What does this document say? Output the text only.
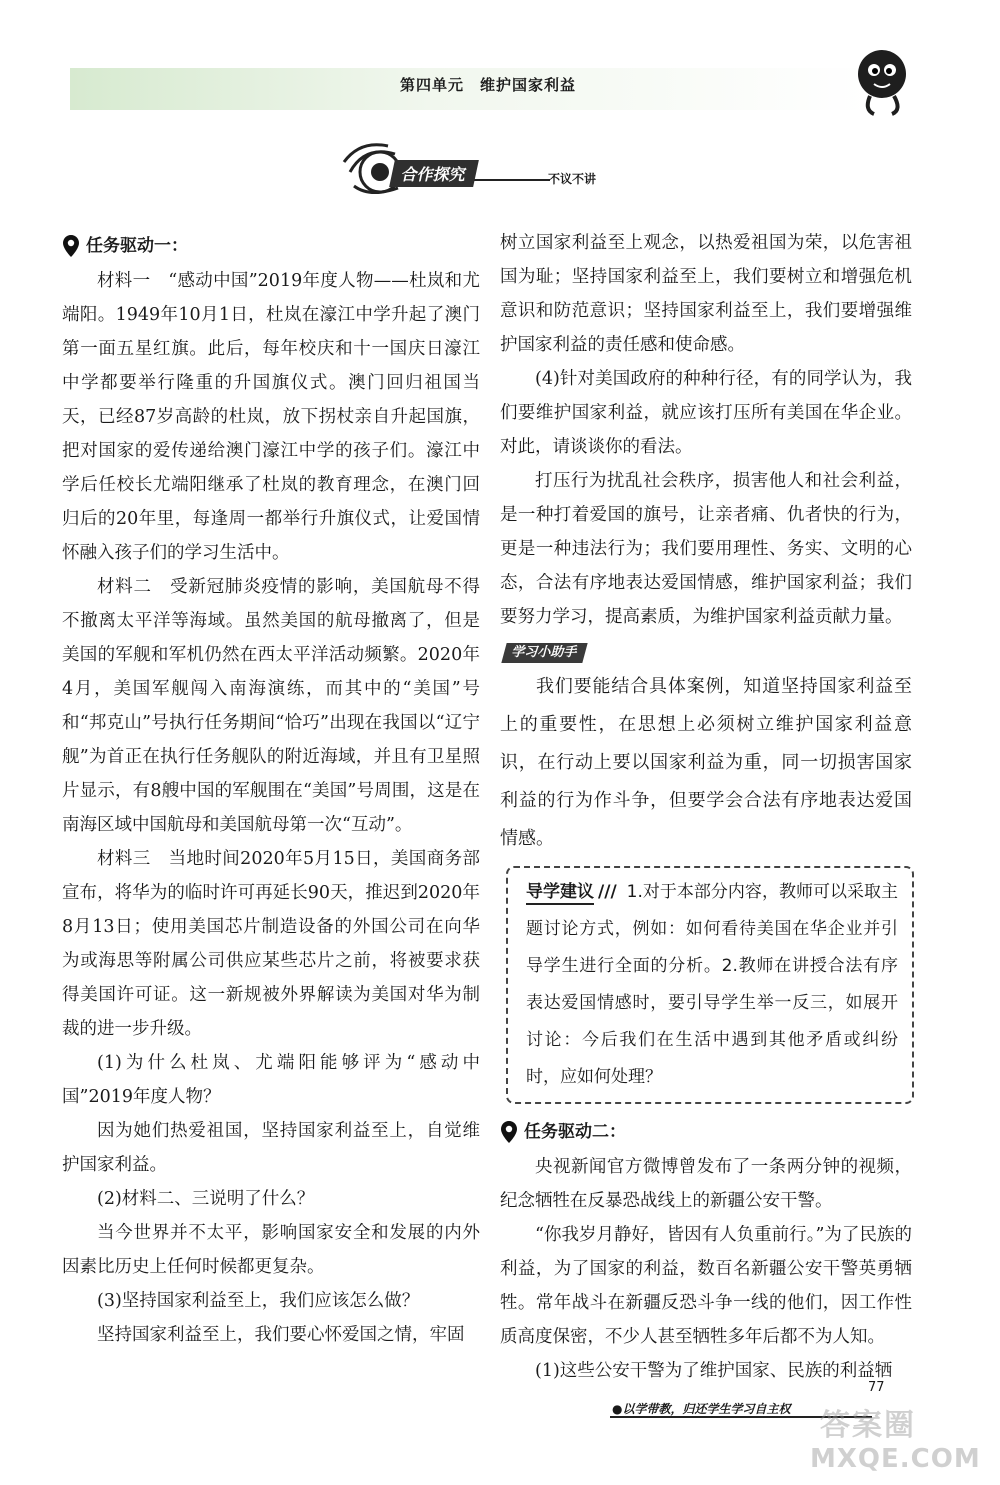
第四单元　维护国家利益
合作探究	不议不讲
任务驱动一：

材料一　“感动中国”2019年度人物——杜岚和尤端阳。1949年10月1日，杜岚在濠江中学升起了澳门第一面五星红旗。此后，每年校庆和十一国庆日濠江中学都要举行隆重的升国旗仪式。澳门回归祖国当天，已经87岁高龄的杜岚，放下拐杖亲自升起国旗，把对国家的爱传递给澳门濠江中学的孩子们。濠江中学后任校长尤端阳继承了杜岚的教育理念，在澳门回归后的20年里，每逢周一都举行升旗仪式，让爱国情怀融入孩子们的学习生活中。

材料二　受新冠肺炎疫情的影响，美国航母不得不撤离太平洋等海域。虽然美国的航母撤离了，但是美国的军舰和军机仍然在西太平洋活动频繁。2020年4月，美国军舰闯入南海演练，而其中的“美国”号和“邦克山”号执行任务期间“恰巧”出现在我国以“辽宁舰”为首正在执行任务舰队的附近海域，并且有卫星照片显示，有8艘中国的军舰围在“美国”号周围，这是在南海区域中国航母和美国航母第一次“互动”。

材料三　当地时间2020年5月15日，美国商务部宣布，将华为的临时许可再延长90天，推迟到2020年8月13日；使用美国芯片制造设备的外国公司在向华为或海思等附属公司供应某些芯片之前，将被要求获得美国许可证。这一新规被外界解读为美国对华为制裁的进一步升级。

(1)为什么杜岚、尤端阳能够评为“感动中国”2019年度人物？

因为她们热爱祖国，坚持国家利益至上，自觉维护国家利益。

(2)材料二、三说明了什么？

当今世界并不太平，影响国家安全和发展的内外因素比历史上任何时候都更复杂。

(3)坚持国家利益至上，我们应该怎么做？

坚持国家利益至上，我们要心怀爱国之情，牢固

树立国家利益至上观念，以热爱祖国为荣，以危害祖国为耻；坚持国家利益至上，我们要树立和增强危机意识和防范意识；坚持国家利益至上，我们要增强维护国家利益的责任感和使命感。

(4)针对美国政府的种种行径，有的同学认为，我们要维护国家利益，就应该打压所有美国在华企业。对此，请谈谈你的看法。

打压行为扰乱社会秩序，损害他人和社会利益，是一种打着爱国的旗号，让亲者痛、仇者快的行为，更是一种违法行为；我们要用理性、务实、文明的心态，合法有序地表达爱国情感，维护国家利益；我们要努力学习，提高素质，为维护国家利益贡献力量。

学习小助手

我们要能结合具体案例，知道坚持国家利益至上的重要性，在思想上必须树立维护国家利益意识，在行动上要以国家利益为重，同一切损害国家利益的行为作斗争，但要学会合法有序地表达爱国情感。

导学建议 /// 1.对于本部分内容，教师可以采取主题讨论方式，例如：如何看待美国在华企业并引导学生进行全面的分析。2.教师在讲授合法有序表达爱国情感时，要引导学生举一反三，如展开讨论：今后我们在生活中遇到其他矛盾或纠纷时，应如何处理？
任务驱动二：

央视新闻官方微博曾发布了一条两分钟的视频，纪念牺牲在反暴恐战线上的新疆公安干警。

“你我岁月静好，皆因有人负重前行。”为了民族的利益，为了国家的利益，数百名新疆公安干警英勇牺牲。常年战斗在新疆反恐斗争一线的他们，因工作性质高度保密，不少人甚至牺牲多年后都不为人知。

(1)这些公安干警为了维护国家、民族的利益牺

●以学带教，归还学生学习自主权
77
答案圈
MXQE.COM
